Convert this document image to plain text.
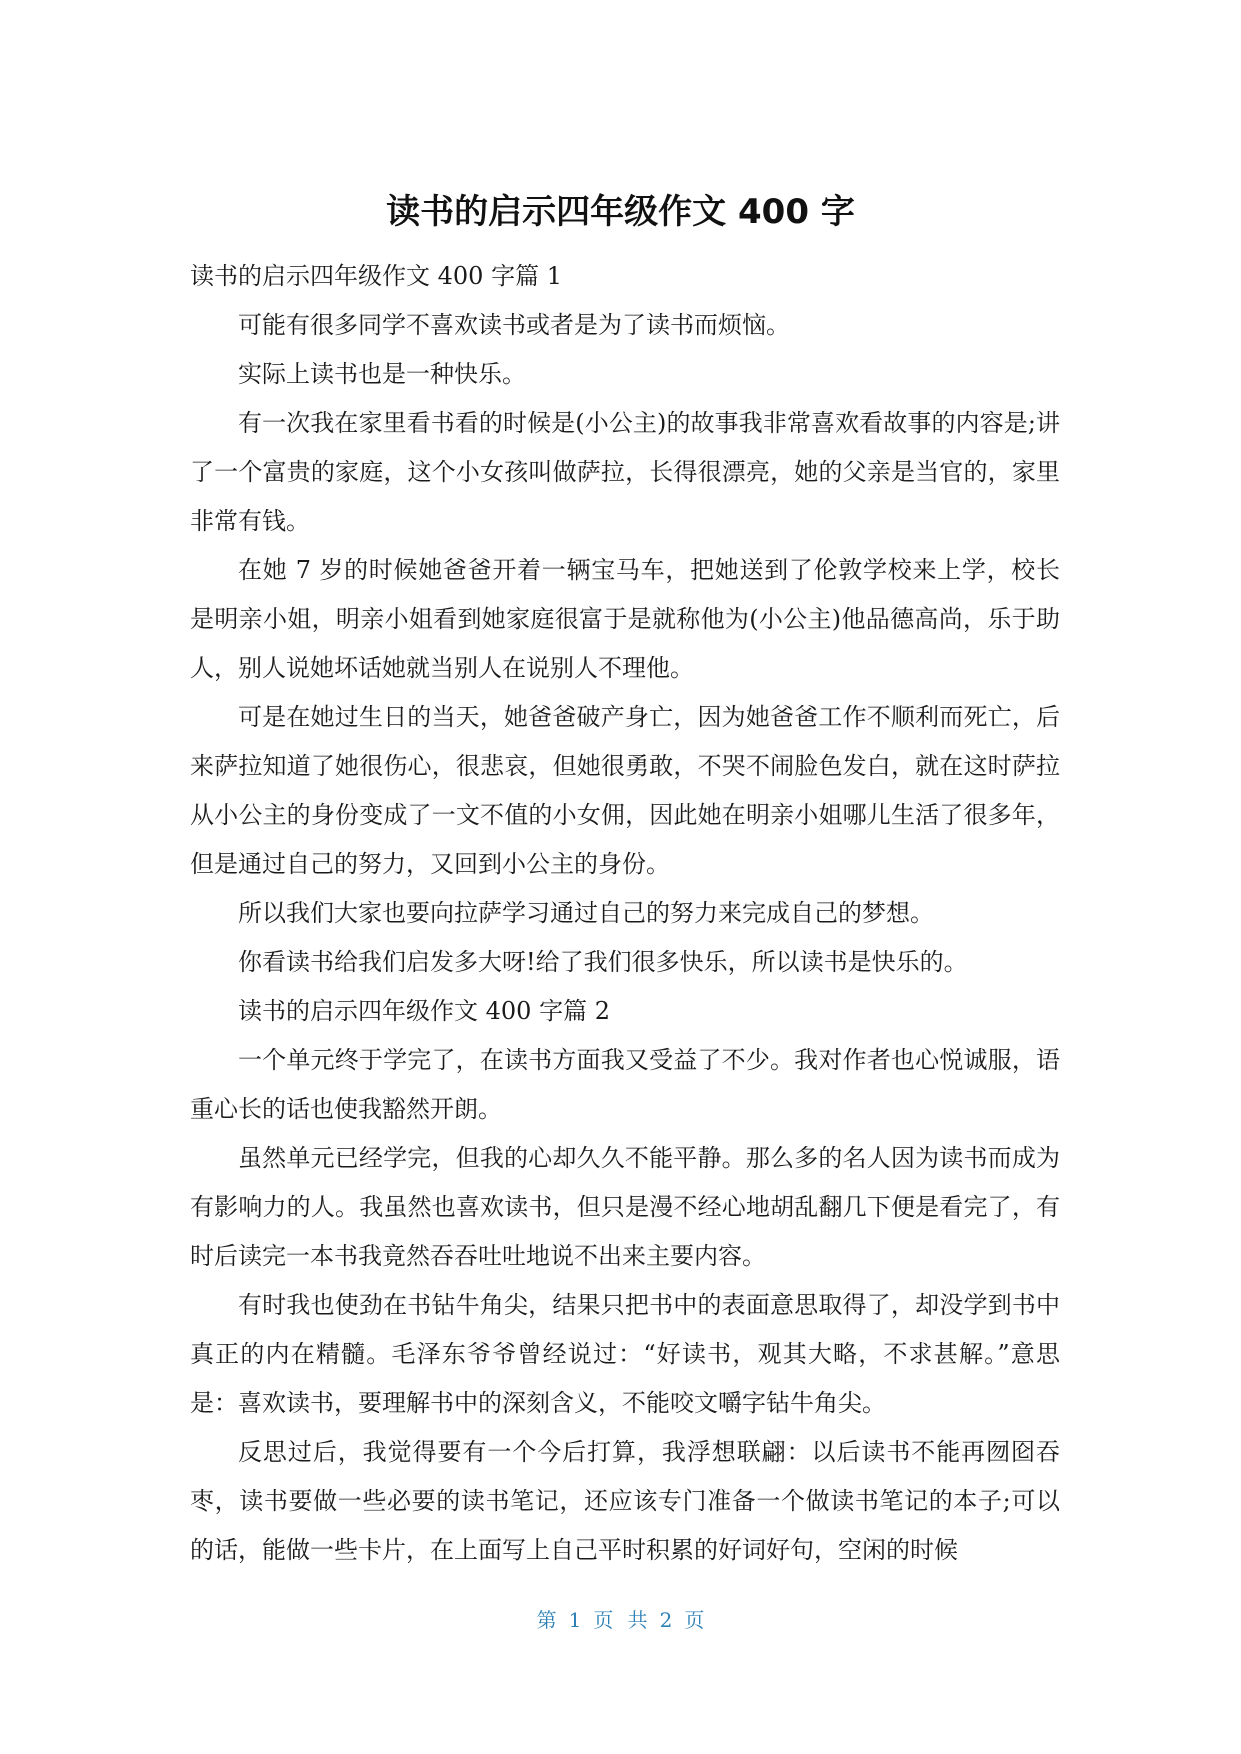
读书的启示四年级作文 400 字

读书的启示四年级作文 400 字篇 1

可能有很多同学不喜欢读书或者是为了读书而烦恼。

实际上读书也是一种快乐。

有一次我在家里看书看的时候是(小公主)的故事我非常喜欢看故事的内容是;讲了一个富贵的家庭，这个小女孩叫做萨拉，长得很漂亮，她的父亲是当官的，家里非常有钱。

在她 7 岁的时候她爸爸开着一辆宝马车，把她送到了伦敦学校来上学，校长是明亲小姐，明亲小姐看到她家庭很富于是就称他为(小公主)他品德高尚，乐于助人，别人说她坏话她就当别人在说别人不理他。

可是在她过生日的当天，她爸爸破产身亡，因为她爸爸工作不顺利而死亡，后来萨拉知道了她很伤心，很悲哀，但她很勇敢，不哭不闹脸色发白，就在这时萨拉从小公主的身份变成了一文不值的小女佣，因此她在明亲小姐哪儿生活了很多年，但是通过自己的努力，又回到小公主的身份。

所以我们大家也要向拉萨学习通过自己的努力来完成自己的梦想。

你看读书给我们启发多大呀!给了我们很多快乐，所以读书是快乐的。

读书的启示四年级作文 400 字篇 2

一个单元终于学完了，在读书方面我又受益了不少。我对作者也心悦诚服，语重心长的话也使我豁然开朗。

虽然单元已经学完，但我的心却久久不能平静。那么多的名人因为读书而成为有影响力的人。我虽然也喜欢读书，但只是漫不经心地胡乱翻几下便是看完了，有时后读完一本书我竟然吞吞吐吐地说不出来主要内容。

有时我也使劲在书钻牛角尖，结果只把书中的表面意思取得了，却没学到书中真正的内在精髓。毛泽东爷爷曾经说过：“好读书，观其大略，不求甚解。”意思是：喜欢读书，要理解书中的深刻含义，不能咬文嚼字钻牛角尖。

反思过后，我觉得要有一个今后打算，我浮想联翩：以后读书不能再囫囵吞枣，读书要做一些必要的读书笔记，还应该专门准备一个做读书笔记的本子;可以的话，能做一些卡片，在上面写上自己平时积累的好词好句，空闲的时候

第 1 页 共 2 页
